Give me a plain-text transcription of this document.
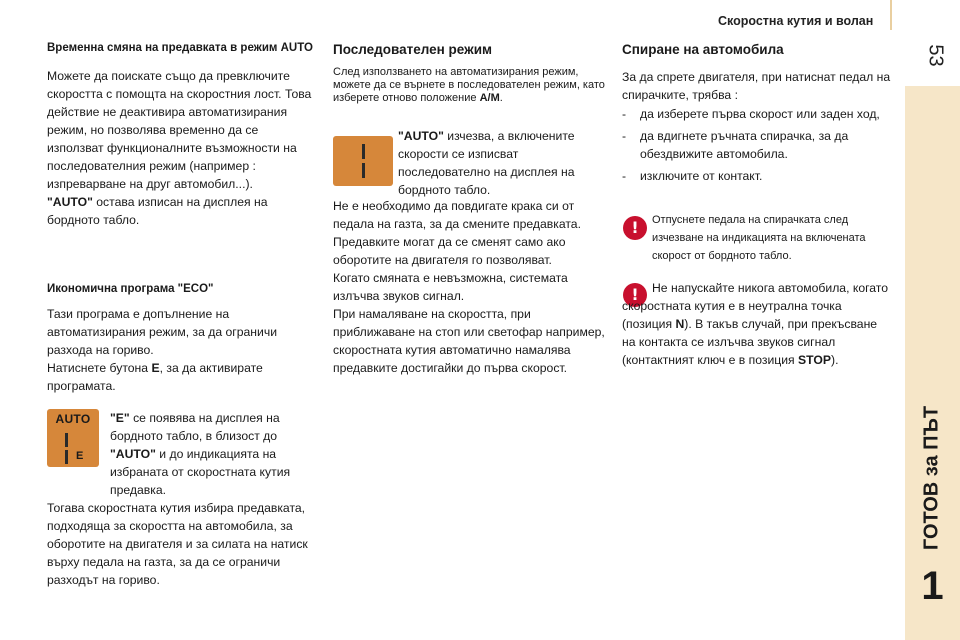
Скоростна кутия и волан
53
ГОТОВ за ПЪТ
1
Временна смяна на предавката в режим AUTO

Можете да поискате също да превключите скоростта с помощта на скоростния лост. Това действие не деактивира автоматизирания режим, но позволява временно да се използват функционалните възможности на последователния режим (например : изпреварване на друг автомобил...).

"AUTO" остава изписан на дисплея на бордното табло.

Икономична програма "ECO"

Тази програма е допълнение на автоматизирания режим, за да ограничи разхода на гориво.

Натиснете бутона E, за да активирате програмата.

"E" се появява на дисплея на бордното табло, в близост до "AUTO" и до индикацията на избраната от скоростната кутия предавка.

AUTO
E

Тогава скоростната кутия избира предавката, подходяща за скоростта на автомобила, за оборотите на двигателя и за силата на натиск върху педала на газта, за да се ограничи разходът на гориво.

Последователен режим

След използването на автоматизирания режим, можете да се върнете в последователен режим, като изберете отново положение A/M.

"AUTO" изчезва, а включените скорости се изписват последователно на дисплея на бордното табло.

Не е необходимо да повдигате крака си от педала на газта, за да смените предавката.
Предавките могат да се сменят само ако оборотите на двигателя го позволяват.
Когато смяната е невъзможна, системата излъчва звуков сигнал.
При намаляване на скоростта, при приближаване на стоп или светофар например, скоростната кутия автоматично намалява предавките достигайки до първа скорост.

Спиране на автомобила

За да спрете двигателя, при натиснат педал на спирачките, трябва :

- да изберете първа скорост или заден ход,
- да вдигнете ръчната спирачка, за да обездвижите автомобила.
- изключите от контакт.
!	Отпуснете педала на спирачката след изчезване на индикацията на включената скорост от бордното табло.

!	Не напускайте никога автомобила, когато скоростната кутия е в неутрална точка (позиция N). В такъв случай, при прекъсване на контакта се излъчва звуков сигнал (контактният ключ е в позиция STOP).
